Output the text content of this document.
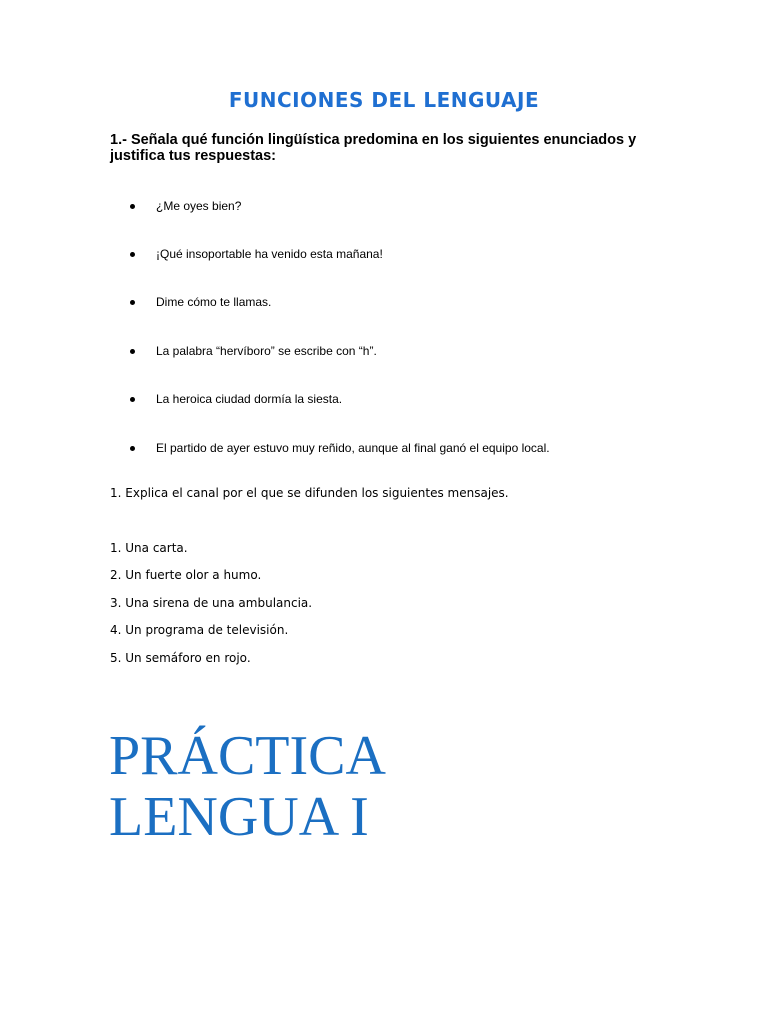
FUNCIONES DEL LENGUAJE

1.- Señala qué función lingüística predomina en los siguientes enunciados y justifica tus respuestas:

¿Me oyes bien?
¡Qué insoportable ha venido esta mañana!
Dime cómo te llamas.
La palabra “hervíboro” se escribe con “h”.
La heroica ciudad dormía la siesta.
El partido de ayer estuvo muy reñido, aunque al final ganó el equipo local.

1. Explica el canal por el que se difunden los siguientes mensajes.

1. Una carta.
2. Un fuerte olor a humo.
3. Una sirena de una ambulancia.
4. Un programa de televisión.
5. Un semáforo en rojo.
PRÁCTICA
LENGUA I
